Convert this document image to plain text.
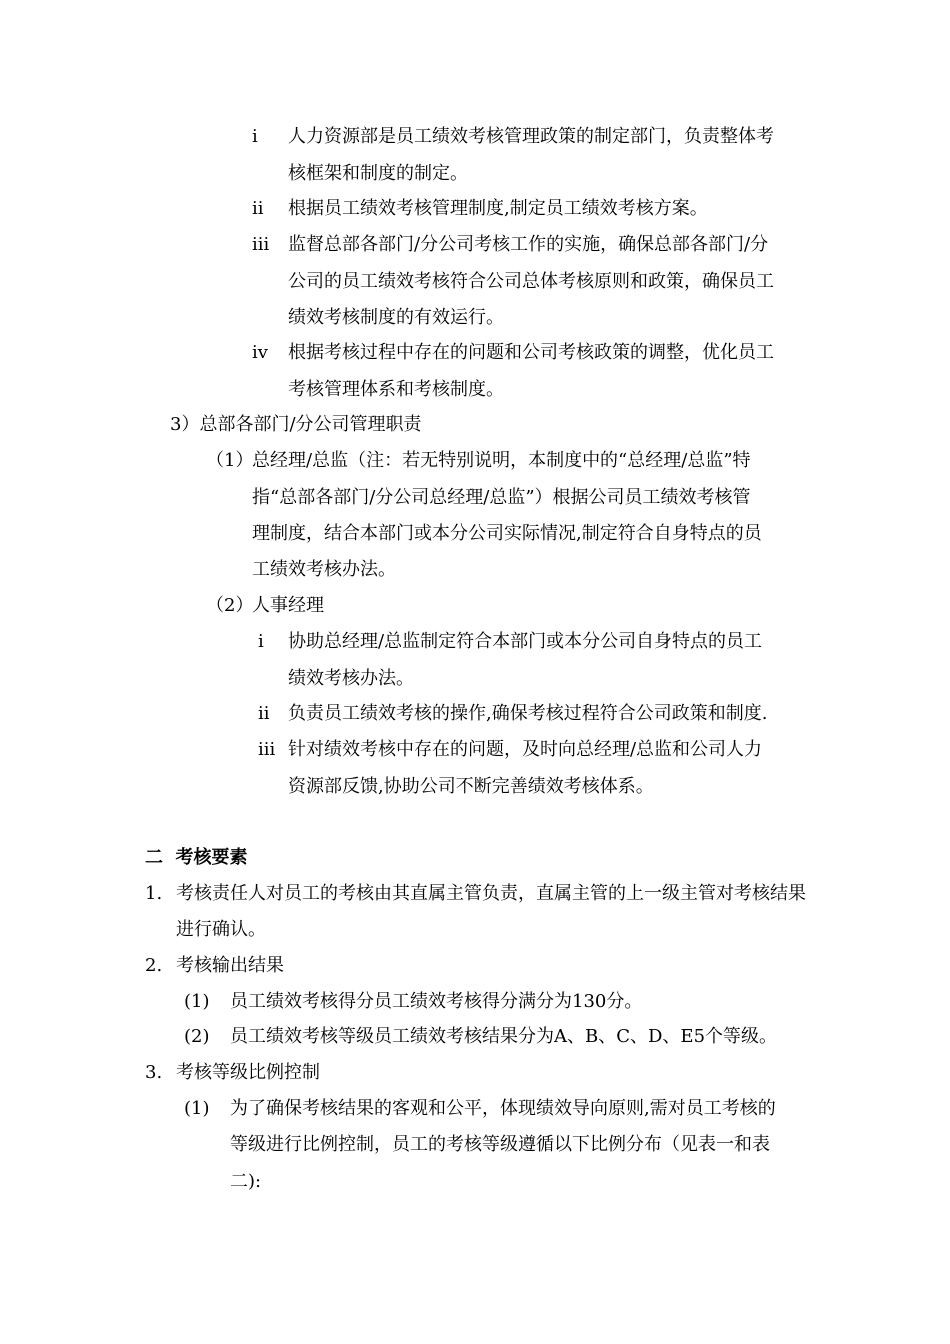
i 人力资源部是员工绩效考核管理政策的制定部门，负责整体考
核框架和制度的制定。
ii 根据员工绩效考核管理制度,制定员工绩效考核方案。
iii 监督总部各部门/分公司考核工作的实施，确保总部各部门/分
公司的员工绩效考核符合公司总体考核原则和政策，确保员工
绩效考核制度的有效运行。
iv 根据考核过程中存在的问题和公司考核政策的调整，优化员工
考核管理体系和考核制度。
3）总部各部门/分公司管理职责
（1）
总经理/总监（注：若无特别说明，本制度中的“总经理/总监”特
指“总部各部门/分公司总经理/总监”）根据公司员工绩效考核管
理制度，结合本部门或本分公司实际情况,制定符合自身特点的员
工绩效考核办法。
（2）
人事经理
i 协助总经理/总监制定符合本部门或本分公司自身特点的员工
绩效考核办法。
ii 负责员工绩效考核的操作,确保考核过程符合公司政策和制度.
iii 针对绩效考核中存在的问题，及时向总经理/总监和公司人力
资源部反馈,协助公司不断完善绩效考核体系。
二  考核要素
1. 考核责任人对员工的考核由其直属主管负责，直属主管的上一级主管对考核结果
进行确认。
2. 考核输出结果
(1) 员工绩效考核得分员工绩效考核得分满分为130分。
(2) 员工绩效考核等级员工绩效考核结果分为A、B、C、D、E5个等级。
3. 考核等级比例控制
(1) 为了确保考核结果的客观和公平，体现绩效导向原则,需对员工考核的
等级进行比例控制，员工的考核等级遵循以下比例分布（见表一和表
二):
